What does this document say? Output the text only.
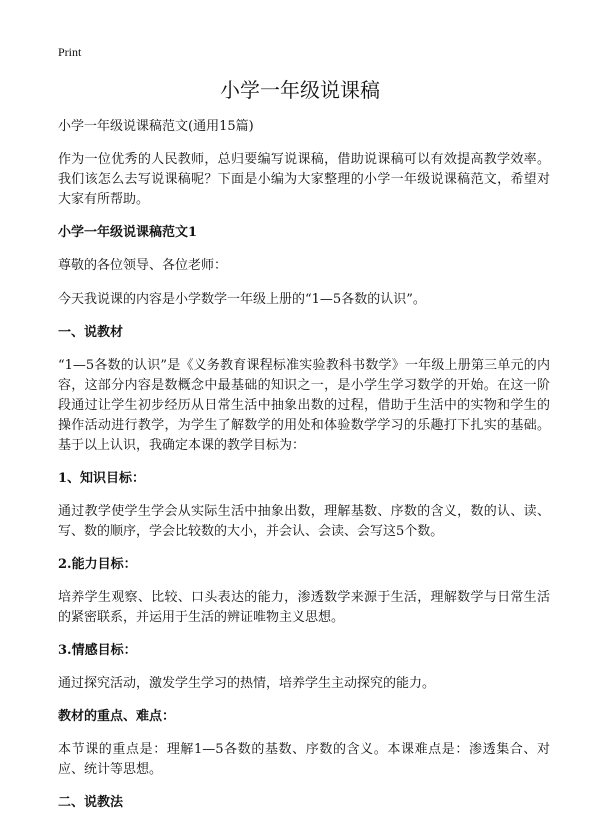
Print
小学一年级说课稿
小学一年级说课稿范文(通用15篇)

作为一位优秀的人民教师，总归要编写说课稿，借助说课稿可以有效提高教学效率。我们该怎么去写说课稿呢？下面是小编为大家整理的小学一年级说课稿范文，希望对大家有所帮助。

小学一年级说课稿范文1

尊敬的各位领导、各位老师：

今天我说课的内容是小学数学一年级上册的“1—5各数的认识”。

一、说教材

“1—5各数的认识”是《义务教育课程标准实验教科书数学》一年级上册第三单元的内容，这部分内容是数概念中最基础的知识之一，是小学生学习数学的开始。在这一阶段通过让学生初步经历从日常生活中抽象出数的过程，借助于生活中的实物和学生的操作活动进行教学，为学生了解数学的用处和体验数学学习的乐趣打下扎实的基础。基于以上认识，我确定本课的教学目标为：

1、知识目标：

通过教学使学生学会从实际生活中抽象出数，理解基数、序数的含义，数的认、读、写、数的顺序，学会比较数的大小，并会认、会读、会写这5个数。

2.能力目标：

培养学生观察、比较、口头表达的能力，渗透数学来源于生活，理解数学与日常生活的紧密联系，并运用于生活的辨证唯物主义思想。

3.情感目标：

通过探究活动，激发学生学习的热情，培养学生主动探究的能力。

教材的重点、难点：

本节课的重点是：理解1—5各数的基数、序数的含义。本课难点是：渗透集合、对应、统计等思想。

二、说教法
